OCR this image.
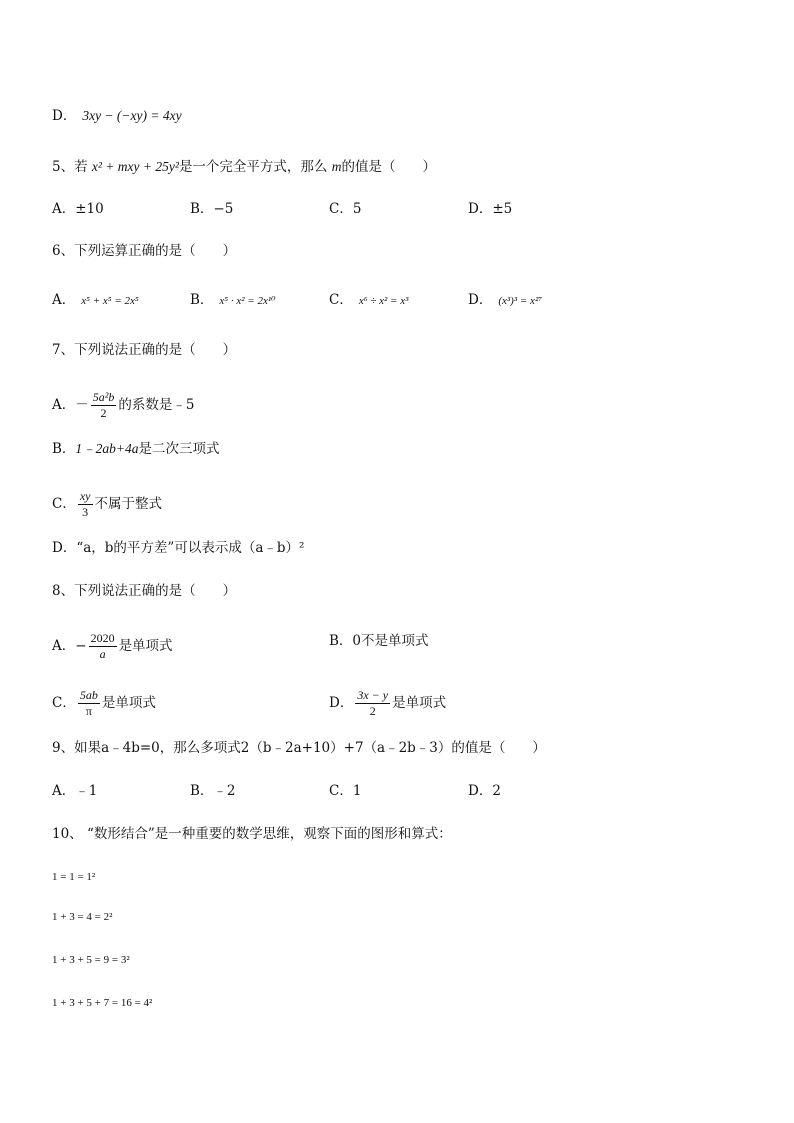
D． 3xy − (−xy) = 4xy
5、若 x² + mxy + 25y²是一个完全平方式，那么 m的值是（　　）
A．±10	B．−5	C．5	D．±5
6、下列运算正确的是（　　）
A． x⁵ + x⁵ = 2x⁵	B． x⁵ · x² = 2x¹⁰	C． x⁶ ÷ x² = x³	D． (x³)³ = x²⁷
7、下列说法正确的是（　　）
A．－ $\frac{\text{5a²b}}{2}$ 的系数是﹣5
B．1﹣2ab+4a是二次三项式
C． $\frac{xy}{3}$ 不属于整式
D．“a，b的平方差”可以表示成（a﹣b）²
8、下列说法正确的是（　　）
A．− $\frac{2020}{a}$ 是单项式	B．0不是单项式
C． $\frac{5ab}{\pi}$ 是单项式	D． $\frac{3x - y}{2}$ 是单项式
9、如果a﹣4b=0，那么多项式2（b﹣2a+10）+7（a﹣2b﹣3）的值是（　　）
A．﹣1	B．﹣2	C．1	D．2
10、 “数形结合”是一种重要的数学思维，观察下面的图形和算式：
1 = 1 = 1²
1 + 3 = 4 = 2²
1 + 3 + 5 = 9 = 3²
1 + 3 + 5 + 7 = 16 = 4²
